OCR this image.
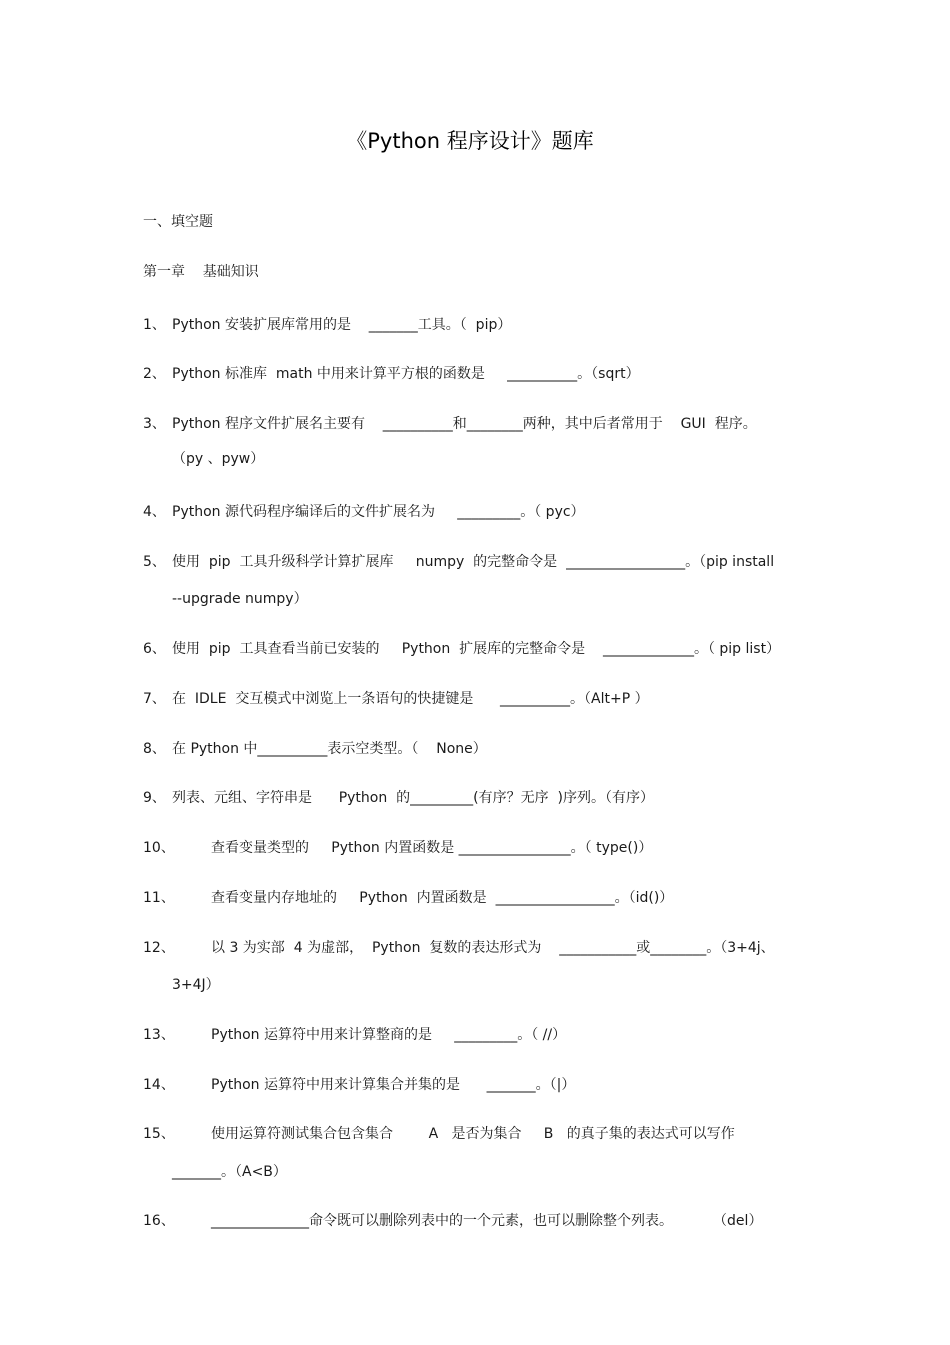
《Python 程序设计》题库
一、填空题
第一章    基础知识
1、 Python 安装扩展库常用的是    _______工具。（  pip）
2、 Python 标准库  math 中用来计算平方根的函数是     __________。（sqrt）
3、 Python 程序文件扩展名主要有    __________和________两种，其中后者常用于    GUI  程序。
（py 、pyw）
4、 Python 源代码程序编译后的文件扩展名为     _________。（ pyc）
5、 使用  pip  工具升级科学计算扩展库     numpy  的完整命令是  _________________。（pip install
--upgrade numpy）
6、 使用  pip  工具查看当前已安装的     Python  扩展库的完整命令是    _____________。（ pip list）
7、 在  IDLE  交互模式中浏览上一条语句的快捷键是      __________。（Alt+P ）
8、 在 Python 中__________表示空类型。（    None）
9、 列表、元组、字符串是      Python  的_________(有序？无序  )序列。（有序）
10、	查看变量类型的     Python 内置函数是 ________________。（ type()）
11、	查看变量内存地址的     Python  内置函数是  _________________。（id()）
12、	以 3 为实部  4 为虚部，  Python  复数的表达形式为    ___________或________。（3+4j、
3+4J）
13、	Python 运算符中用来计算整商的是     _________。（ //）
14、	Python 运算符中用来计算集合并集的是      _______。（|）
15、	使用运算符测试集合包含集合        A   是否为集合     B   的真子集的表达式可以写作
_______。（A<B）
16、	______________命令既可以删除列表中的一个元素，也可以删除整个列表。         （del）
